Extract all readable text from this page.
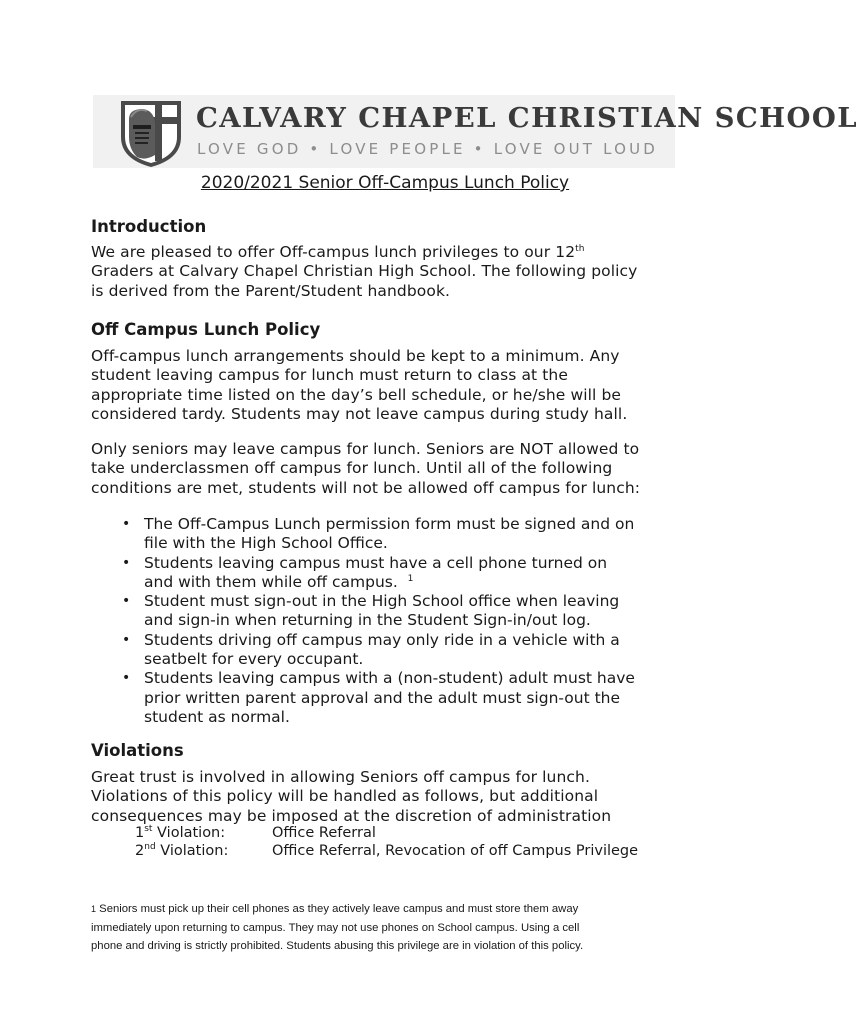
CALVARY CHAPEL CHRISTIAN SCHOOL
LOVE GOD • LOVE PEOPLE • LOVE OUT LOUD
2020/2021 Senior Off-Campus Lunch Policy
Introduction
We are pleased to offer Off-campus lunch privileges to our 12th
Graders at Calvary Chapel Christian High School. The following policy
is derived from the Parent/Student handbook.
Off Campus Lunch Policy
Off-campus lunch arrangements should be kept to a minimum. Any
student leaving campus for lunch must return to class at the
appropriate time listed on the day’s bell schedule, or he/she will be
considered tardy. Students may not leave campus during study hall.
Only seniors may leave campus for lunch. Seniors are NOT allowed to
take underclassmen off campus for lunch. Until all of the following
conditions are met, students will not be allowed off campus for lunch:
• The Off-Campus Lunch permission form must be signed and on
file with the High School Office.
• Students leaving campus must have a cell phone turned on
and with them while off campus. $^1$
• Student must sign-out in the High School office when leaving
and sign-in when returning in the Student Sign-in/out log.
• Students driving off campus may only ride in a vehicle with a
seatbelt for every occupant.
• Students leaving campus with a (non-student) adult must have
prior written parent approval and the adult must sign-out the
student as normal.
Violations
Great trust is involved in allowing Seniors off campus for lunch.
Violations of this policy will be handled as follows, but additional
consequences may be imposed at the discretion of administration
1st Violation:	Office Referral
2nd Violation:	Office Referral, Revocation of off Campus Privilege
1 Seniors must pick up their cell phones as they actively leave campus and must store them away
immediately upon returning to campus. They may not use phones on School campus. Using a cell
phone and driving is strictly prohibited. Students abusing this privilege are in violation of this policy.
